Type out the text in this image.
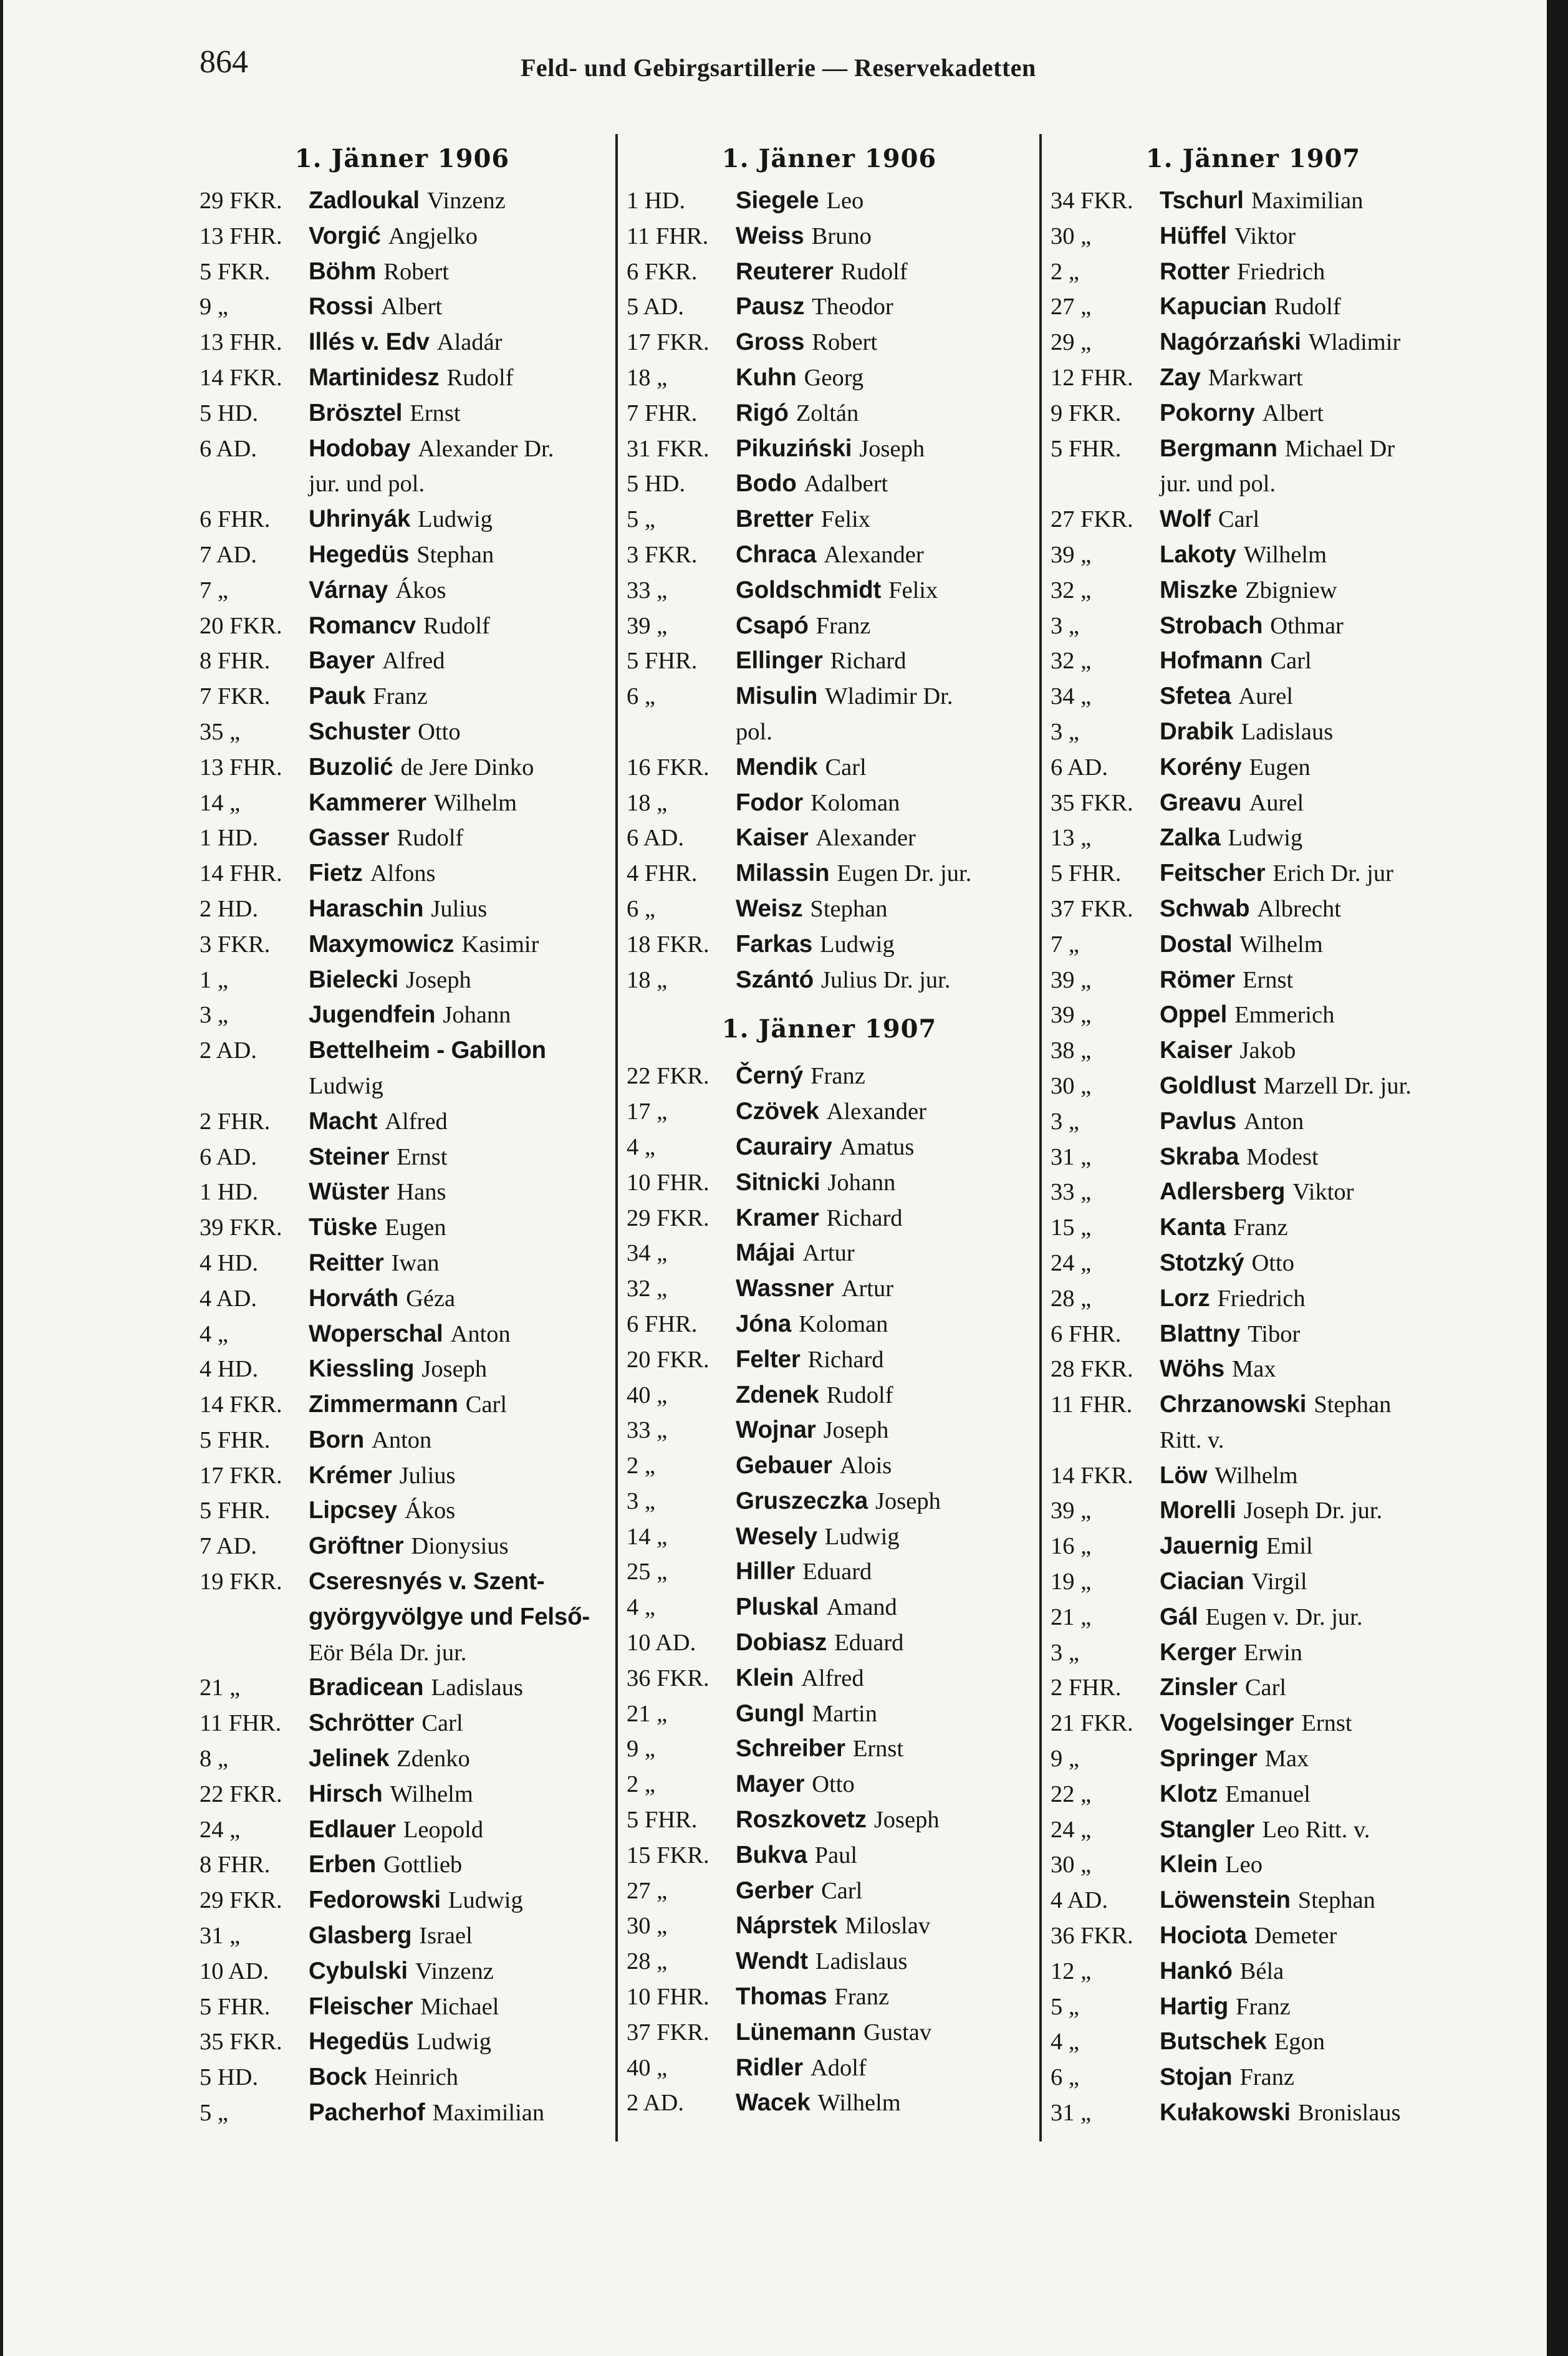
864	Feld- und Gebirgsartillerie — Reservekadetten
1. Jänner 1906
29 FKR.	Zadloukal Vinzenz
13 FHR.	Vorgić Angjelko
5 FKR.	Böhm Robert
9 „	Rossi Albert
13 FHR.	Illés v. Edv Aladár
14 FKR.	Martinidesz Rudolf
5 HD.	Brösztel Ernst
6 AD.	Hodobay Alexander Dr.
jur. und pol.
6 FHR.	Uhrinyák Ludwig
7 AD.	Hegedüs Stephan
7 „	Várnay Ákos
20 FKR.	Romancv Rudolf
8 FHR.	Bayer Alfred
7 FKR.	Pauk Franz
35 „	Schuster Otto
13 FHR.	Buzolić de Jere Dinko
14 „	Kammerer Wilhelm
1 HD.	Gasser Rudolf
14 FHR.	Fietz Alfons
2 HD.	Haraschin Julius
3 FKR.	Maxymowicz Kasimir
1 „	Bielecki Joseph
3 „	Jugendfein Johann
2 AD.	Bettelheim - Gabillon
Ludwig
2 FHR.	Macht Alfred
6 AD.	Steiner Ernst
1 HD.	Wüster Hans
39 FKR.	Tüske Eugen
4 HD.	Reitter Iwan
4 AD.	Horváth Géza
4 „	Woperschal Anton
4 HD.	Kiessling Joseph
14 FKR.	Zimmermann Carl
5 FHR.	Born Anton
17 FKR.	Krémer Julius
5 FHR.	Lipcsey Ákos
7 AD.	Gröftner Dionysius
19 FKR.	Cseresnyés v. Szent-
györgyvölgye und Felső-
Eör Béla Dr. jur.
21 „	Bradicean Ladislaus
11 FHR.	Schrötter Carl
8 „	Jelinek Zdenko
22 FKR.	Hirsch Wilhelm
24 „	Edlauer Leopold
8 FHR.	Erben Gottlieb
29 FKR.	Fedorowski Ludwig
31 „	Glasberg Israel
10 AD.	Cybulski Vinzenz
5 FHR.	Fleischer Michael
35 FKR.	Hegedüs Ludwig
5 HD.	Bock Heinrich
5 „	Pacherhof Maximilian
1. Jänner 1906
1 HD.	Siegele Leo
11 FHR.	Weiss Bruno
6 FKR.	Reuterer Rudolf
5 AD.	Pausz Theodor
17 FKR.	Gross Robert
18 „	Kuhn Georg
7 FHR.	Rigó Zoltán
31 FKR.	Pikuziński Joseph
5 HD.	Bodo Adalbert
5 „	Bretter Felix
3 FKR.	Chraca Alexander
33 „	Goldschmidt Felix
39 „	Csapó Franz
5 FHR.	Ellinger Richard
6 „	Misulin Wladimir Dr.
pol.
16 FKR.	Mendik Carl
18 „	Fodor Koloman
6 AD.	Kaiser Alexander
4 FHR.	Milassin Eugen Dr. jur.
6 „	Weisz Stephan
18 FKR.	Farkas Ludwig
18 „	Szántó Julius Dr. jur.
1. Jänner 1907
22 FKR.	Černý Franz
17 „	Czövek Alexander
4 „	Caurairy Amatus
10 FHR.	Sitnicki Johann
29 FKR.	Kramer Richard
34 „	Májai Artur
32 „	Wassner Artur
6 FHR.	Jóna Koloman
20 FKR.	Felter Richard
40 „	Zdenek Rudolf
33 „	Wojnar Joseph
2 „	Gebauer Alois
3 „	Gruszeczka Joseph
14 „	Wesely Ludwig
25 „	Hiller Eduard
4 „	Pluskal Amand
10 AD.	Dobiasz Eduard
36 FKR.	Klein Alfred
21 „	Gungl Martin
9 „	Schreiber Ernst
2 „	Mayer Otto
5 FHR.	Roszkovetz Joseph
15 FKR.	Bukva Paul
27 „	Gerber Carl
30 „	Náprstek Miloslav
28 „	Wendt Ladislaus
10 FHR.	Thomas Franz
37 FKR.	Lünemann Gustav
40 „	Ridler Adolf
2 AD.	Wacek Wilhelm
1. Jänner 1907
34 FKR.	Tschurl Maximilian
30 „	Hüffel Viktor
2 „	Rotter Friedrich
27 „	Kapucian Rudolf
29 „	Nagórzański Wladimir
12 FHR.	Zay Markwart
9 FKR.	Pokorny Albert
5 FHR.	Bergmann Michael Dr
jur. und pol.
27 FKR.	Wolf Carl
39 „	Lakoty Wilhelm
32 „	Miszke Zbigniew
3 „	Strobach Othmar
32 „	Hofmann Carl
34 „	Sfetea Aurel
3 „	Drabik Ladislaus
6 AD.	Korény Eugen
35 FKR.	Greavu Aurel
13 „	Zalka Ludwig
5 FHR.	Feitscher Erich Dr. jur
37 FKR.	Schwab Albrecht
7 „	Dostal Wilhelm
39 „	Römer Ernst
39 „	Oppel Emmerich
38 „	Kaiser Jakob
30 „	Goldlust Marzell Dr. jur.
3 „	Pavlus Anton
31 „	Skraba Modest
33 „	Adlersberg Viktor
15 „	Kanta Franz
24 „	Stotzký Otto
28 „	Lorz Friedrich
6 FHR.	Blattny Tibor
28 FKR.	Wöhs Max
11 FHR.	Chrzanowski Stephan
Ritt. v.
14 FKR.	Löw Wilhelm
39 „	Morelli Joseph Dr. jur.
16 „	Jauernig Emil
19 „	Ciacian Virgil
21 „	Gál Eugen v. Dr. jur.
3 „	Kerger Erwin
2 FHR.	Zinsler Carl
21 FKR.	Vogelsinger Ernst
9 „	Springer Max
22 „	Klotz Emanuel
24 „	Stangler Leo Ritt. v.
30 „	Klein Leo
4 AD.	Löwenstein Stephan
36 FKR.	Hociota Demeter
12 „	Hankó Béla
5 „	Hartig Franz
4 „	Butschek Egon
6 „	Stojan Franz
31 „	Kułakowski Bronislaus
